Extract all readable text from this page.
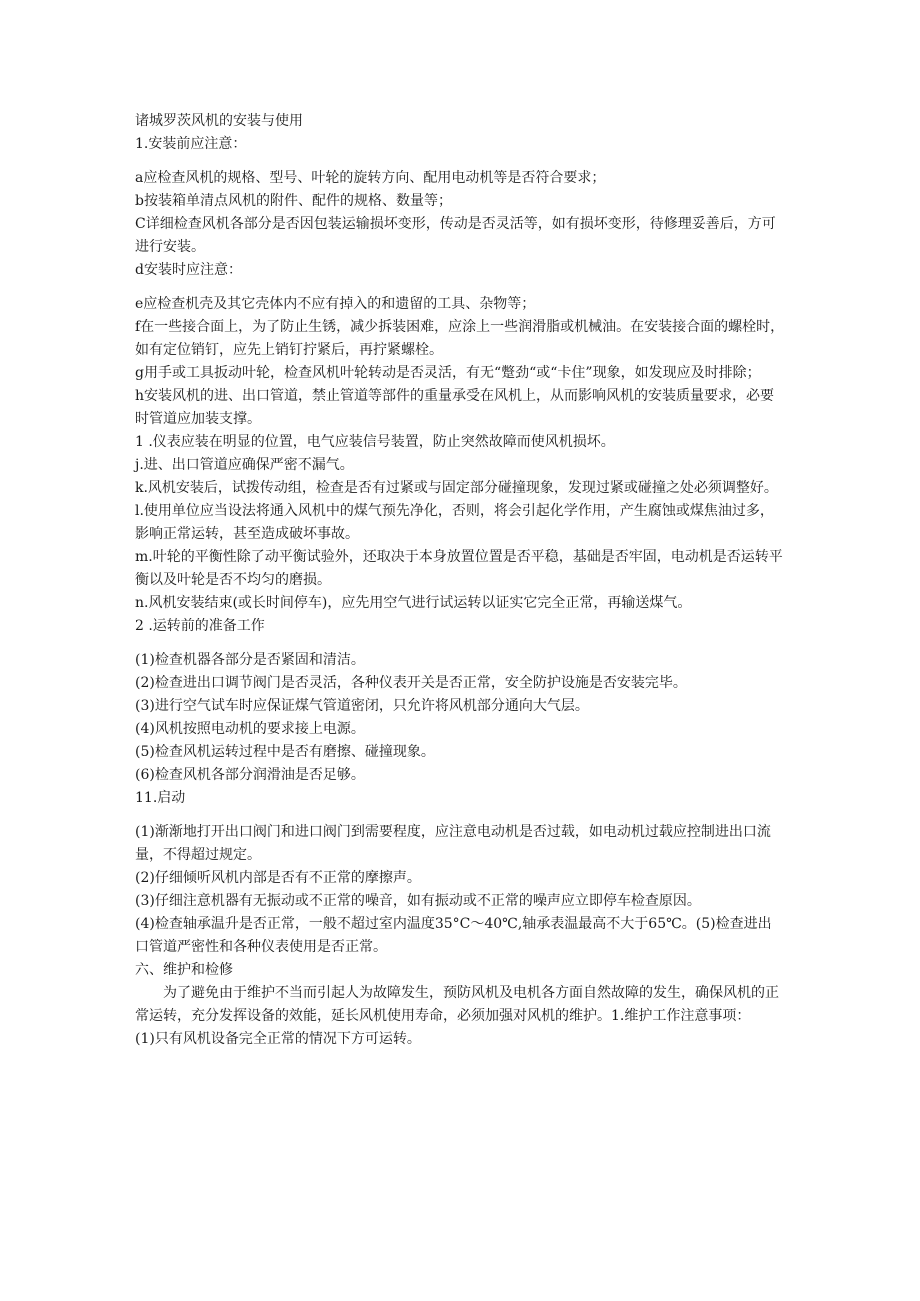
诸城罗茨风机的安装与使用

1.安装前应注意：

a应检查风机的规格、型号、叶轮的旋转方向、配用电动机等是否符合要求；

b按装箱单清点风机的附件、配件的规格、数量等；

C详细检查风机各部分是否因包装运输损坏变形，传动是否灵活等，如有损坏变形，待修理妥善后，方可进行安装。

d安装时应注意：

e应检查机壳及其它壳体内不应有掉入的和遗留的工具、杂物等；

f在一些接合面上，为了防止生锈，减少拆装困难，应涂上一些润滑脂或机械油。在安装接合面的螺栓时，如有定位销钉，应先上销钉拧紧后，再拧紧螺栓。

g用手或工具扳动叶轮，检查风机叶轮转动是否灵活，有无“蹩劲“或“卡住”现象，如发现应及时排除；

h安装风机的进、出口管道，禁止管道等部件的重量承受在风机上，从而影响风机的安装质量要求，必要时管道应加装支撑。

1 .仪表应装在明显的位置，电气应装信号装置，防止突然故障而使风机损坏。

j.进、出口管道应确保严密不漏气。

k.风机安装后，试拨传动组，检查是否有过紧或与固定部分碰撞现象，发现过紧或碰撞之处必须调整好。

l.使用单位应当设法将通入风机中的煤气预先净化，否则，将会引起化学作用，产生腐蚀或煤焦油过多，影响正常运转，甚至造成破坏事故。

m.叶轮的平衡性除了动平衡试验外，还取决于本身放置位置是否平稳，基础是否牢固，电动机是否运转平衡以及叶轮是否不均匀的磨损。

n.风机安装结束(或长时间停车)，应先用空气进行试运转以证实它完全正常，再输送煤气。

2 .运转前的准备工作

(1)检查机器各部分是否紧固和清洁。

(2)检查进出口调节阀门是否灵活，各种仪表开关是否正常，安全防护设施是否安装完毕。

(3)进行空气试车时应保证煤气管道密闭，只允许将风机部分通向大气层。

(4)风机按照电动机的要求接上电源。

(5)检查风机运转过程中是否有磨擦、碰撞现象。

(6)检查风机各部分润滑油是否足够。

11.启动

(1)渐渐地打开出口阀门和进口阀门到需要程度，应注意电动机是否过载，如电动机过载应控制进出口流量，不得超过规定。

(2)仔细倾听风机内部是否有不正常的摩擦声。

(3)仔细注意机器有无振动或不正常的噪音，如有振动或不正常的噪声应立即停车检查原因。

(4)检查轴承温升是否正常，一般不超过室内温度35°C～40℃,轴承表温最高不大于65℃。(5)检查进出口管道严密性和各种仪表使用是否正常。

六、维护和检修

为了避免由于维护不当而引起人为故障发生，预防风机及电机各方面自然故障的发生，确保风机的正常运转，充分发挥设备的效能，延长风机使用寿命，必须加强对风机的维护。1.维护工作注意事项：

(1)只有风机设备完全正常的情况下方可运转。
